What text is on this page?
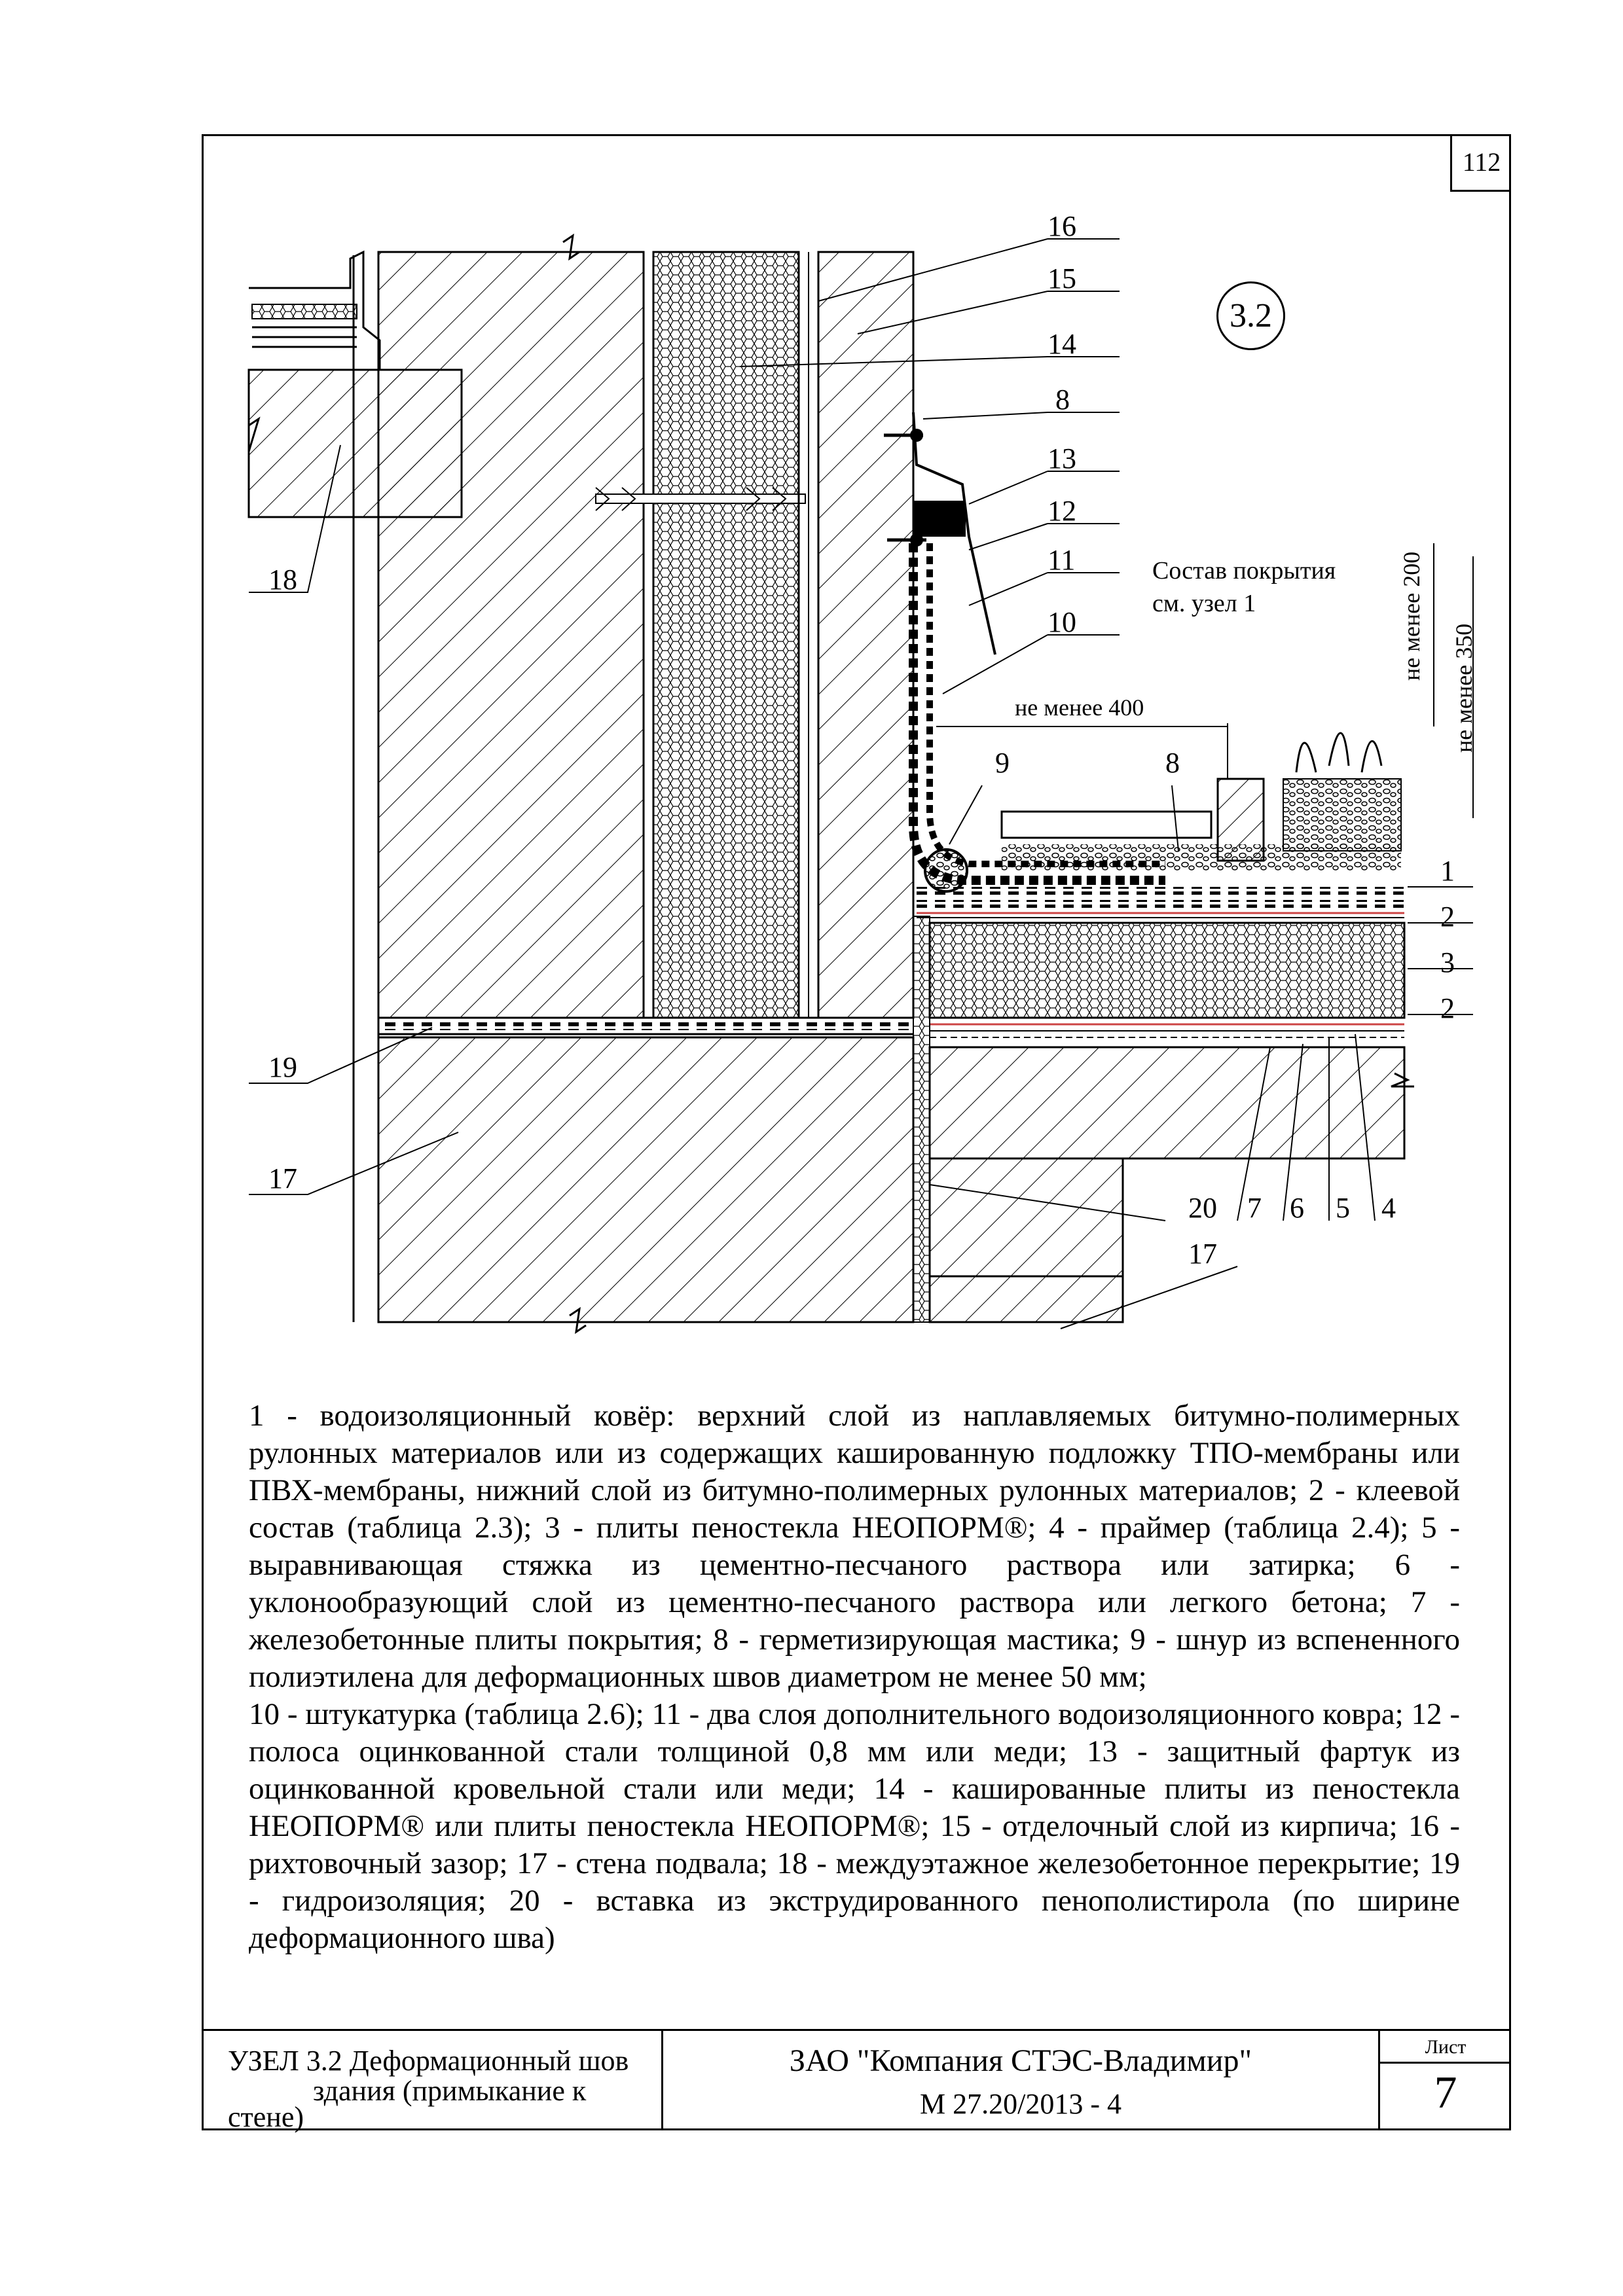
112
3.2
16
15
14
8
13
12
11
10
18
9	8
1
2
3
2
19
17
20 7 6 5 4
17
Состав покрытия
см. узел 1
не менее 400
не менее 200
не менее 350

1 - водоизоляционный ковёр: верхний слой из наплавляемых битумно-полимерных рулонных материалов или из содержащих кашированную подложку ТПО-мембраны или ПВХ-мембраны, нижний слой из битумно-полимерных рулонных материалов; 2 - клеевой состав (таблица 2.3); 3 - плиты пеностекла НЕОПОРМ®; 4 - праймер (таблица 2.4); 5 - выравнивающая стяжка из цементно-песчаного раствора или затирка; 6 - уклонообразующий слой из цементно-песчаного раствора или легкого бетона; 7 - железобетонные плиты покрытия; 8 - герметизирующая мастика; 9 - шнур из вспененного полиэтилена для деформационных швов диаметром не менее 50 мм;

10 - штукатурка (таблица 2.6); 11 - два слоя дополнительного водоизоляционного ковра; 12 - полоса оцинкованной стали толщиной 0,8 мм или меди; 13 - защитный фартук из оцинкованной кровельной стали или меди; 14 - кашированные плиты из пеностекла НЕОПОРМ® или плиты пеностекла НЕОПОРМ®; 15 - отделочный слой из кирпича; 16 - рихтовочный зазор; 17 - стена подвала; 18 - междуэтажное железобетонное перекрытие; 19 - гидроизоляция; 20 - вставка из экструдированного пенополистирола (по ширине деформационного шва)

УЗЕЛ 3.2 Деформационный шов
здания (примыкание к
стене)
ЗАО "Компания СТЭС-Владимир"
М 27.20/2013 - 4
Лист
7
